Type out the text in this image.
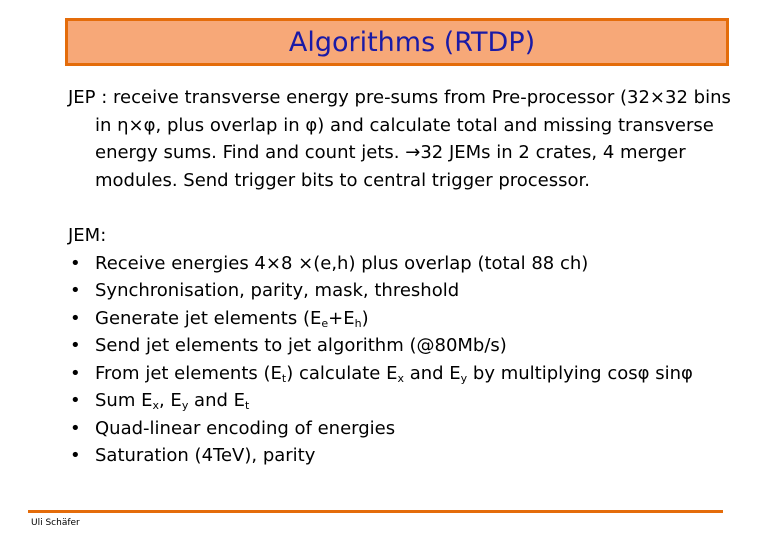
Algorithms (RTDP)

JEP : receive transverse energy pre-sums from Pre-processor (32×32 bins in η×φ, plus overlap in φ) and calculate total and missing transverse energy sums. Find and count jets. →32 JEMs in 2 crates, 4 merger modules. Send trigger bits to central trigger processor.

JEM:
• Receive energies 4×8 ×(e,h) plus overlap (total 88 ch)
• Synchronisation, parity, mask, threshold
• Generate jet elements $(E_e+E_h)$
• Send jet elements to jet algorithm (@80Mb/s)
• From jet elements $(E_t)$ calculate $E_x$ and $E_y$ by multiplying cosφ sinφ
• Sum $E_x$, $E_y$ and $E_t$
• Quad-linear encoding of energies
• Saturation (4TeV), parity
Uli Schäfer
